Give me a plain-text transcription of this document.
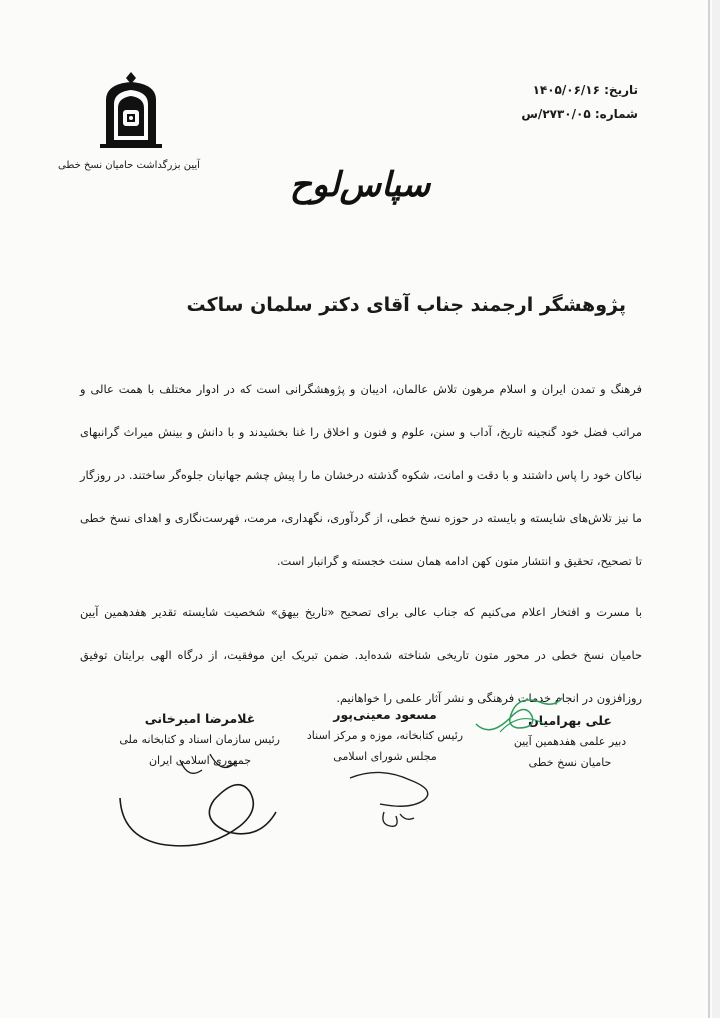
آیین بزرگداشت حامیان نسخ خطی
تاریخ: ۱۴۰۵/۰۶/۱۶
شماره: ۲۷۳۰/۰۵/س
سپاس‌لوح
پژوهشگر ارجمند جناب آقای دکتر سلمان ساکت

فرهنگ و تمدن ایران و اسلام مرهون تلاش عالمان، ادیبان و پژوهشگرانی است که در ادوار مختلف با همت عالی و مراتب فضل خود گنجینه تاریخ، آداب و سنن، علوم و فنون و اخلاق را غنا بخشیدند و با دانش و بینش میراث گرانبهای نیاکان خود را پاس داشتند و با دقت و امانت، شکوه گذشته درخشان ما را پیش چشم جهانیان جلوه‌گر ساختند. در روزگار ما نیز تلاش‌های شایسته و بایسته در حوزه نسخ خطی، از گردآوری، نگهداری، مرمت، فهرست‌نگاری و اهدای نسخ خطی تا تصحیح، تحقیق و انتشار متون کهن ادامه همان سنت خجسته و گرانبار است.

با مسرت و افتخار اعلام می‌کنیم که جناب عالی برای تصحیح «تاریخ بیهق» شخصیت شایسته تقدیر هفدهمین آیین حامیان نسخ خطی در محور متون تاریخی شناخته شده‌اید. ضمن تبریک این موفقیت، از درگاه الهی برایتان توفیق روزافزون در انجام خدمات فرهنگی و نشر آثار علمی را خواهانیم.

علی بهرامیان
دبیر علمی هفدهمین آیین
حامیان نسخ خطی
مسعود معینی‌پور
رئیس کتابخانه، موزه و مرکز اسناد
مجلس شورای اسلامی
غلامرضا امیرخانی
رئیس سازمان اسناد و کتابخانه ملی
جمهوری اسلامی ایران
